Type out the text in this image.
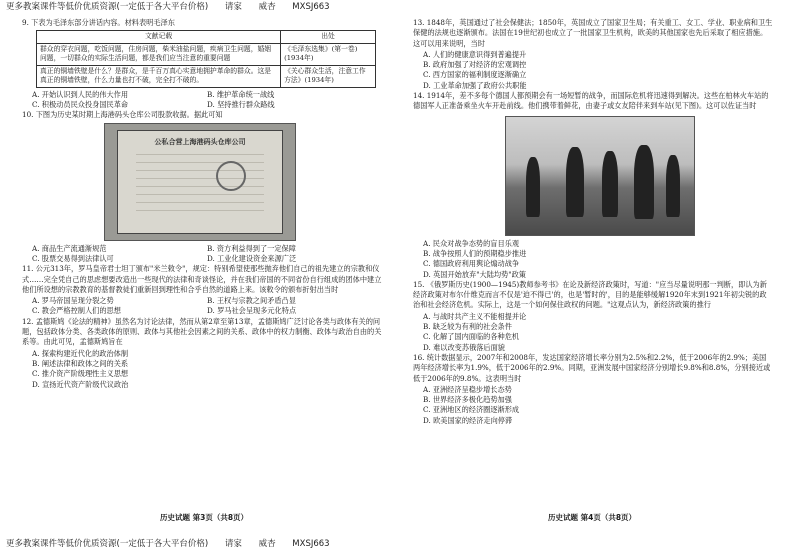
更多教案课件等低价优质资源(一定低于各大平台价格) 请家 威杏 MXSJ663
9. 下表为毛泽东部分讲话内容。材料表明毛泽东
文献记载	出处
群众的穿衣问题，吃饭问题，住房问题，柴米油盐问题，疾病卫生问题，婚姻问题，一切群众的实际生活问题，都是我们应当注意的重要问题	《毛泽东选集》(第一卷)(1934年)
真正的铜墙铁壁是什么？是群众，是千百万真心实意地拥护革命的群众。这是真正的铜墙铁壁，什么力量也打不破，完全打不破的。	《关心群众生活，注意工作方法》(1934年)
A. 开始认识到人民的伟大作用	B. 维护革命统一战线
C. 积极动员民众投身国民革命	D. 坚持推行群众路线
10. 下图为历史某时期上海港码头仓库公司股款收据。据此可知
公私合营上海港码头仓库公司
A. 商品生产流通渐规范	B. 资方利益得到了一定保障
C. 股票交易得到法律认可	D. 工业化建设资金来源广泛
11. 公元313年，罗马皇帝君士坦丁颁布"米兰敕令"，规定：特别希望使那些抛弃他们自己的祖先建立的宗教和仪式……完全凭自己的思虑想要改造出一些现代的法律和奇谈怪论，并在我们帝国的不同省份自行组成的团体中建立他们所设想的宗教教育的基督教徒们重新回到理性和合乎自然的道路上来。该敕令的颁布折射出当时
A. 罗马帝国呈现分裂之势	B. 王权与宗教之间矛盾凸显
C. 教会严格控制人们的思想	D. 罗马社会呈现多元化特点
12. 孟德斯鸠《论法的精神》虽然名为讨论法律，然而从第2章至第13章，孟德斯鸠广泛讨论各类与政体有关的问题，包括政体分类、各类政体的原则、政体与其他社会因素之间的关系、政体中的权力制衡、政体与政治自由的关系等。由此可见，孟德斯鸠旨在
A. 探索构建近代化的政治体制
B. 阐述法律和政体之间的关系
C. 推介资产阶级理性主义思想
D. 宣扬近代资产阶级代议政治
历史试题 第3页（共8页）
13. 1848年，英国通过了社会保健法；1850年，英国成立了国家卫生局；有关重工、女工、学业、职业病和卫生保健的法规也逐渐颁布。法国在19世纪初也成立了一批国家卫生机构，欧美的其他国家也先后采取了相应措施。这可以用来说明，当时
A. 人们的健康意识得到普遍提升
B. 政府加强了对经济的宏观调控
C. 西方国家的福利制度逐渐确立
D. 工业革命加强了政府公共职能
14. 1914年，差不多每个德国人都预期会有一场短暂的战争，而国际危机将迅速得到解决。这些在柏林火车站的德国军人正准备乘坐火车开赴前线。他们携带着鲜花，由妻子或女友陪伴来到车站(见下图)。这可以佐证当时
A. 民众对战争态势的盲目乐观
B. 战争按照人们的预期稳步推进
C. 德国政府利用舆论煽动战争
D. 英国开始放弃"大陆均势"政策
15. 《俄罗斯历史(1900—1945)教师参考书》在论及新经济政策时，写道："应当尽量说明那一判断，即认为新经济政策对布尔什维克而言不仅是'迫不得已'的，也是'暂时的'，目的是能够缓解1920年末到1921年初尖锐的政治和社会经济危机。实际上，这是一个如何保住政权的问题。"这观点认为，新经济政策的推行
A. 与战时共产主义不能相提并论
B. 缺乏较为有利的社会条件
C. 化解了国内面临的各种危机
D. 难以改变苏俄落后面貌
16. 统计数据显示，2007年和2008年，发达国家经济增长率分别为2.5%和2.2%，低于2006年的2.9%；美国两年经济增长率为1.9%，低于2006年的2.9%。同期，亚洲发展中国家经济分别增长9.8%和8.8%，分别接近或低于2006年的9.8%。这表明当时
A. 亚洲经济呈稳步增长态势
B. 世界经济多极化趋势加强
C. 亚洲地区的经济圈逐渐形成
D. 欧美国家的经济走向停滞
历史试题 第4页（共8页）
更多教案课件等低价优质资源(一定低于各大平台价格) 请家 威杏 MXSJ663
